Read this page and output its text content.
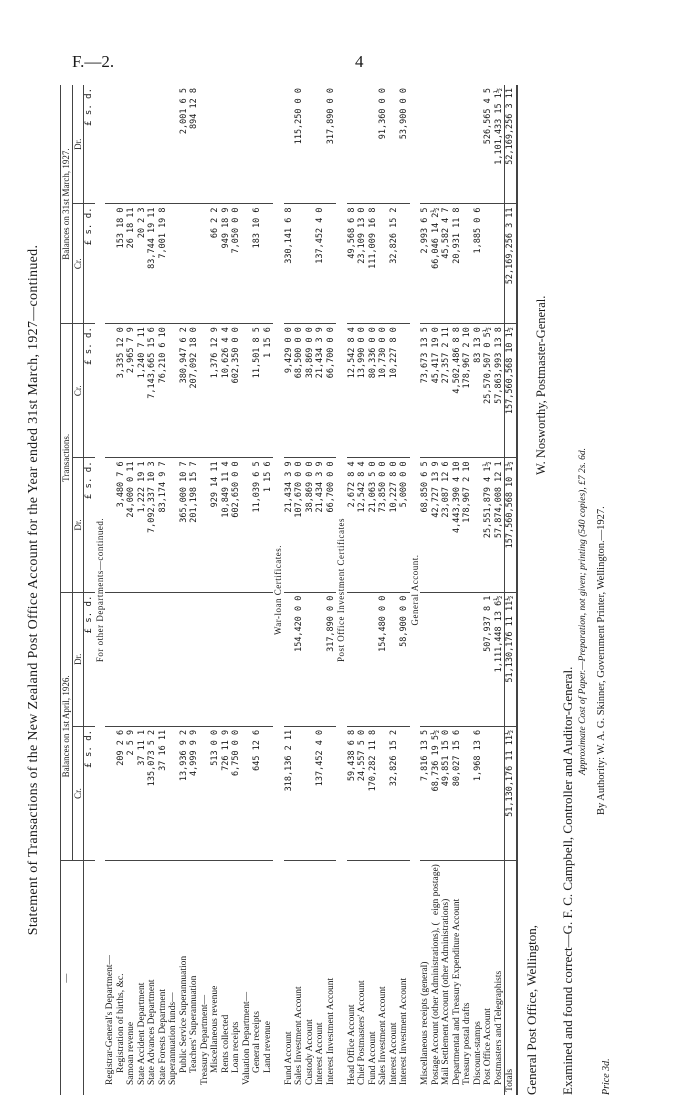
F.—2.	4
Statement of Transactions of the New Zealand Post Office Account for the Year ended 31st March, 1927—continued.
—	Balances on 1st April, 1926.		Transactions.		Balances on 31st March, 1927.	
	Cr.	Dr.	Dr.	Cr.	Cr.	Dr.
	£ s. d.	£ s. d.	£ s. d.	£ s. d.	£ s. d.	£ s. d.
For other Departments—continued.						
Registrar-General's Department—						
Registration of births, &c.	209 2 6		3,480 7 6	3,335 12 0	153 18 0	
Samoan revenue	2 5 9		24,000 0 11	2,965 7 9	26 18 11	
State Accident Department	37 11 1		1,222 19 1	1,240 7 11	20 2 3	
State Advances Department	135,073 5 2		7,092,337 10 3	7,143,665 15 6	83,744 19 11	
State Forests Department	37 16 11		83,174 9 7	76,210 6 10	7,001 19 8	
Superannuation funds—						
Public Service Superannuation	13,936 9 2		365,000 10 7	380,947 6 2		2,001 6 5
Teachers' Superannuation	4,999 9 9		201,198 15 7	207,092 18 0		894 12 8
Treasury Department—						
Miscellaneous revenue	513 0 0		929 14 11	1,376 12 9	66 2 2	
Rents collected	726 11 9		10,849 11 4	10,626 4 4	949 18 9	
Loan receipts	6,750 0 0		602,650 0 0	602,350 0 0	7,050 0 0	
Valuation Department—						
General receipts	645 12 6		11,039 6 5	11,501 8 5	183 10 6	
Land revenue			1 15 6	1 15 6		
War-loan Certificates.						
Fund Account	318,136 2 11		21,434 3 9	9,429 0 0	330,141 6 8	
Sales Investment Account		154,420 0 0	107,670 0 0	68,500 0 0		115,250 0 0
Custody Account			38,869 0 0	38,869 0 0		
Interest Account	137,452 4 0		21,434 3 9	21,434 3 9	137,452 4 0	
Interest Investment Account		317,890 0 0	66,700 0 0	66,700 0 0		317,890 0 0
Post Office Investment Certificates						
Head Office Account	59,438 6 8		2,672 8 4	12,542 8 4	49,568 6 8	
Chief Postmasters' Account	24,557 5 0		12,542 8 4	13,990 0 0	23,109 13 0	
Fund Account	170,282 11 8		21,063 5 0	80,336 0 0	111,009 16 8	
Sales Investment Account		154,480 0 0	73,850 0 0	10,730 0 0		91,360 0 0
Interest Account	32,826 15 2		10,227 8 0	10,227 8 0	32,826 15 2	
Interest Investment Account		58,900 0 0	5,000 0 0			53,900 0 0
General Account.						
Miscellaneous receipts (general)	7,816 13 5		68,850 6 5	73,673 13 5	2,993 6 5	
Postage Account (other Administrations), (   eign postage)	68,736 19 5½		42,727 13 9	45,417 19 0	66,046 14 2½	
Mail Settlement Account (other Administrations)	49,851 15 0		23,087 12 6	27,357 2 11	45,582 4 7	
Departmental and Treasury Expenditure Account	80,027 15 6		4,443,390 4 10	4,502,486 8 8	20,931 11 8	
Treasury postal drafts			178,967 2 10	178,967 2 10		
Discount-stamps	1,968 13 6			83 13 0	1,885 0 6	
Post Office Account		507,937 8 1	25,551,879 4 1½	25,570,507 0 5½		526,565 4 5
Postmasters and Telegraphists		1,111,448 13 6½	57,874,008 12 1	57,863,993 13 8		1,101,433 15 1½
Totals	51,130,176 11 11½	51,130,176 11 11½	157,560,568 10 1½	157,560,568 10 1½	52,169,256 3 11	52,169,256 3 11
General Post Office, Wellington,
W. Nosworthy, Postmaster-General.
Examined and found correct—G. F. C. Campbell, Controller and Auditor-General.
Approximate Cost of Paper.—Preparation, not given; printing (540 copies), £7 2s. 6d. By Authority: W. A. G. Skinner, Government Printer, Wellington.—1927.
Price 3d.
